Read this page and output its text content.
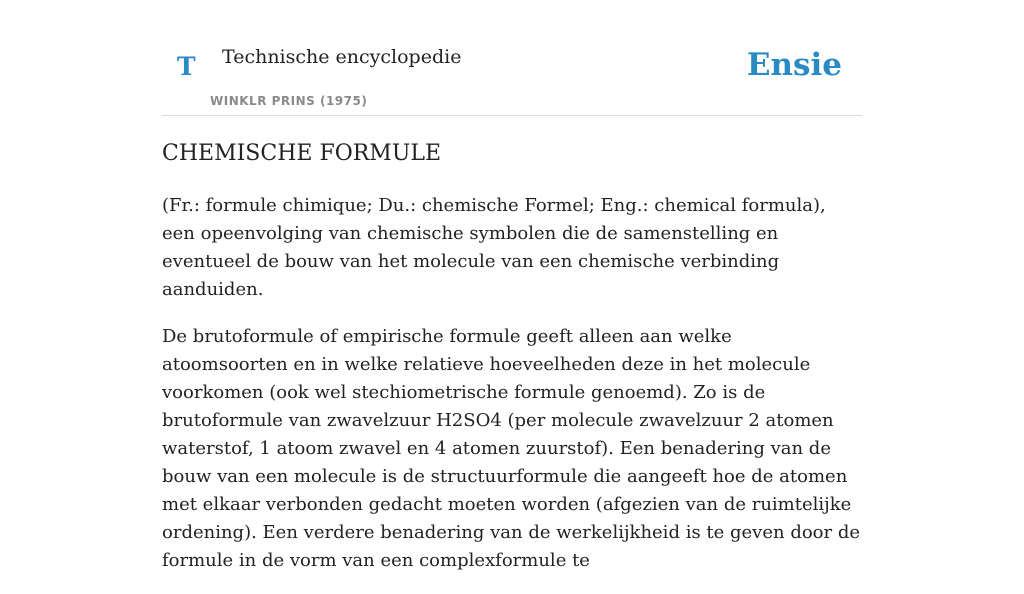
T Technische encyclopedie
WINKLR PRINS (1975)
Ensie
CHEMISCHE FORMULE

(Fr.: formule chimique; Du.: chemische Formel; Eng.: chemical formula), een opeenvolging van chemische symbolen die de samenstelling en eventueel de bouw van het molecule van een chemische verbinding aanduiden.

De brutoformule of empirische formule geeft alleen aan welke atoomsoorten en in welke relatieve hoeveelheden deze in het molecule voorkomen (ook wel stechiometrische formule genoemd). Zo is de brutoformule van zwavelzuur H2SO4 (per molecule zwavelzuur 2 atomen waterstof, 1 atoom zwavel en 4 atomen zuurstof). Een benadering van de bouw van een molecule is de structuurformule die aangeeft hoe de atomen met elkaar verbonden gedacht moeten worden (afgezien van de ruimtelijke ordening). Een verdere benadering van de werkelijkheid is te geven door de formule in de vorm van een complexformule te
